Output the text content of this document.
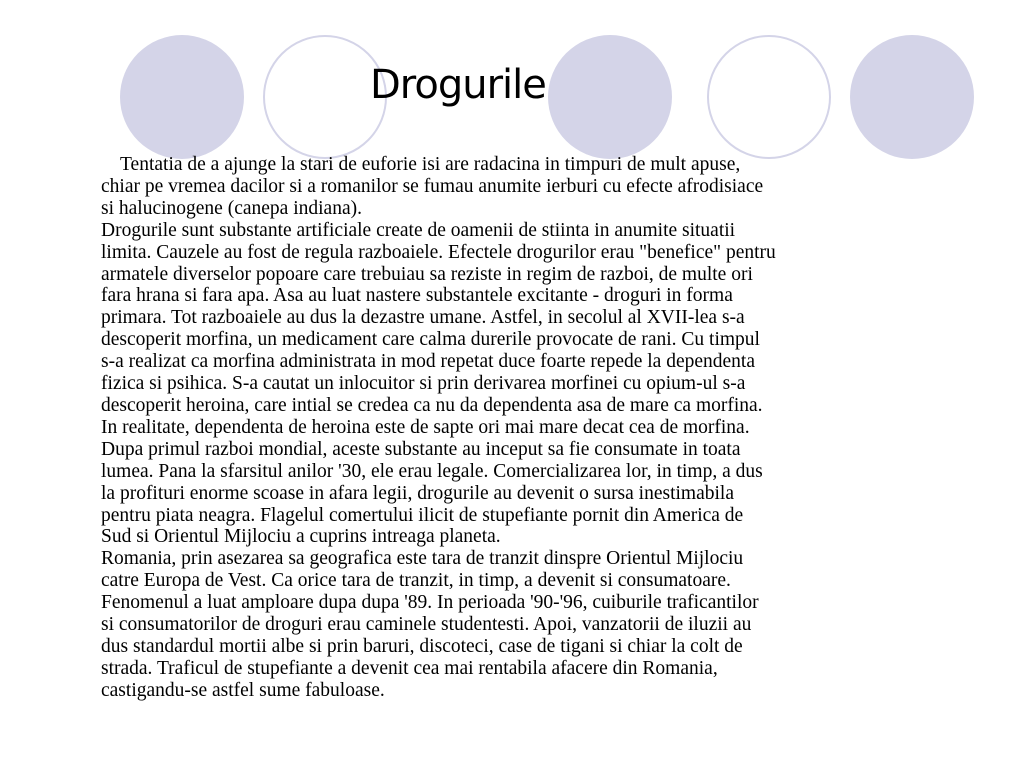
Drogurile
Tentatia de a ajunge la stari de euforie isi are radacina in timpuri de mult apuse,
chiar pe vremea dacilor si a romanilor se fumau anumite ierburi cu efecte afrodisiace
si halucinogene (canepa indiana).
Drogurile sunt substante artificiale create de oamenii de stiinta in anumite situatii
limita. Cauzele au fost de regula razboaiele. Efectele drogurilor erau "benefice" pentru
armatele diverselor popoare care trebuiau sa reziste in regim de razboi, de multe ori
fara hrana si fara apa. Asa au luat nastere substantele excitante - droguri in forma
primara. Tot razboaiele au dus la dezastre umane. Astfel, in secolul al XVII-lea s-a
descoperit morfina, un medicament care calma durerile provocate de rani. Cu timpul
s-a realizat ca morfina administrata in mod repetat duce foarte repede la dependenta
fizica si psihica. S-a cautat un inlocuitor si prin derivarea morfinei cu opium-ul s-a
descoperit heroina, care intial se credea ca nu da dependenta asa de mare ca morfina.
In realitate, dependenta de heroina este de sapte ori mai mare decat cea de morfina.
Dupa primul razboi mondial, aceste substante au inceput sa fie consumate in toata
lumea. Pana la sfarsitul anilor '30, ele erau legale. Comercializarea lor, in timp, a dus
la profituri enorme scoase in afara legii, drogurile au devenit o sursa inestimabila
pentru piata neagra. Flagelul comertului ilicit de stupefiante pornit din America de
Sud si Orientul Mijlociu a cuprins intreaga planeta.
Romania, prin asezarea sa geografica este tara de tranzit dinspre Orientul Mijlociu
catre Europa de Vest. Ca orice tara de tranzit, in timp, a devenit si consumatoare.
Fenomenul a luat amploare dupa dupa '89. In perioada '90-'96, cuiburile traficantilor
si consumatorilor de droguri erau caminele studentesti. Apoi, vanzatorii de iluzii au
dus standardul mortii albe si prin baruri, discoteci, case de tigani si chiar la colt de
strada. Traficul de stupefiante a devenit cea mai rentabila afacere din Romania,
castigandu-se astfel sume fabuloase.
